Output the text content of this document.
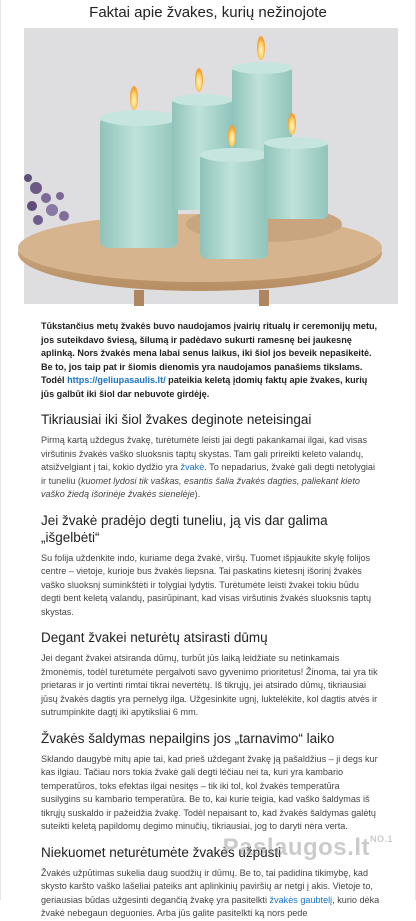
Faktai apie žvakes, kurių nežinojote

Tūkstančius metų žvakės buvo naudojamos įvairių ritualų ir ceremonijų metu, jos suteikdavo šviesą, šilumą ir padėdavo sukurti ramesnę bei jaukesnę aplinką. Nors žvakės mena labai senus laikus, iki šiol jos beveik nepasikeitė. Be to, jos taip pat ir šiomis dienomis yra naudojamos panašiems tikslams. Todėl https://geliupasaulis.lt/ pateikia keletą įdomių faktų apie žvakes, kurių jūs galbūt iki šiol dar nebuvote girdėję.

Tikriausiai iki šiol žvakes deginote neteisingai

Pirmą kartą uždegus žvakę, turėtumėte leisti jai degti pakankamai ilgai, kad visas viršutinis žvakės vaško sluoksnis taptų skystas. Tam gali prireikti keleto valandų, atsižvelgiant į tai, kokio dydžio yra žvakė. To nepadarius, žvakė gali degti netolygiai ir tuneliu (kuomet lydosi tik vaškas, esantis šalia žvakės dagties, paliekant kieto vaško žiedą išorinėje žvakės sienelėje).

Jei žvakė pradėjo degti tuneliu, ją vis dar galima „išgelbėti“

Su folija uždenkite indo, kuriame dega žvakė, viršų. Tuomet išpjaukite skylę folijos centre – vietoje, kurioje bus žvakės liepsna. Tai paskatins kietesnį išorinį žvakės vaško sluoksnį suminkštėti ir tolygiai lydytis. Turėtumėte leisti žvakei tokiu būdu degti bent keletą valandų, pasirūpinant, kad visas viršutinis žvakės sluoksnis taptų skystas.

Degant žvakei neturėtų atsirasti dūmų

Jei degant žvakei atsiranda dūmų, turbūt jūs laiką leidžiate su netinkamais žmonėmis, todėl turėtumėte pergalvoti savo gyvenimo prioritetus! Žinoma, tai yra tik prietaras ir jo vertinti rimtai tikrai nevertėtų. Iš tikrųjų, jei atsirado dūmų, tikriausiai jūsų žvakės dagtis yra pernelyg ilga. Užgesinkite ugnį, luktelėkite, kol dagtis atvės ir sutrumpinkite dagtį iki apytiksliai 6 mm.

Žvakės šaldymas nepailgins jos „tarnavimo“ laiko

Sklando daugybė mitų apie tai, kad prieš uždegant žvakę ją pašaldžius – ji degs kur kas ilgiau. Tačiau nors tokia žvakė gali degti lėčiau nei ta, kuri yra kambario temperatūros, toks efektas ilgai nesitęs – tik iki tol, kol žvakės temperatūra susilygins su kambario temperatūra. Be to, kai kurie teigia, kad vaško šaldymas iš tikrųjų suskaldo ir pažeidžia žvakę. Todėl nepaisant to, kad žvakės šaldymas galėtų suteikti keletą papildomų degimo minučių, tikriausiai, jog to daryti nėra verta.

Niekuomet neturėtumėte žvakės užpūsti

Žvakės užpūtimas sukelia daug suodžių ir dūmų. Be to, tai padidina tikimybę, kad skysto karšto vaško lašeliai pateiks ant aplinkinių paviršių ar netgi į akis. Vietoje to, geriausias būdas užgesinti degančią žvakę yra pasitelkti žvakės gaubtelį, kurio dėka žvakė nebegaun deguonies. Arba jūs galite pasitelkti ką nors pede

$Paslaugos.lt^{NO.1}$
